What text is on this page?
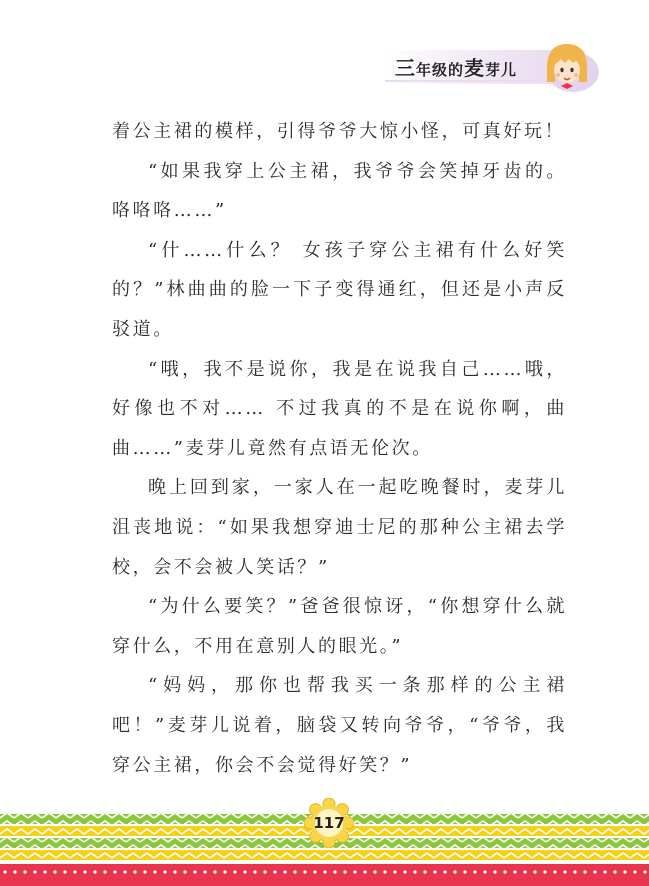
三年级的麦芽儿

着公主裙的模样，引得爷爷大惊小怪，可真好玩！

“如果我穿上公主裙，我爷爷会笑掉牙齿的。咯咯咯……”

“什……什么？ 女孩子穿公主裙有什么好笑的？”林曲曲的脸一下子变得通红，但还是小声反驳道。

“哦，我不是说你，我是在说我自己……哦，好像也不对…… 不过我真的不是在说你啊，曲曲……”麦芽儿竟然有点语无伦次。

晚上回到家，一家人在一起吃晚餐时，麦芽儿沮丧地说：“如果我想穿迪士尼的那种公主裙去学校，会不会被人笑话？”

“为什么要笑？”爸爸很惊讶，“你想穿什么就穿什么，不用在意别人的眼光。”

“妈妈，那你也帮我买一条那样的公主裙吧！”麦芽儿说着，脑袋又转向爷爷，“爷爷，我穿公主裙，你会不会觉得好笑？”

117
